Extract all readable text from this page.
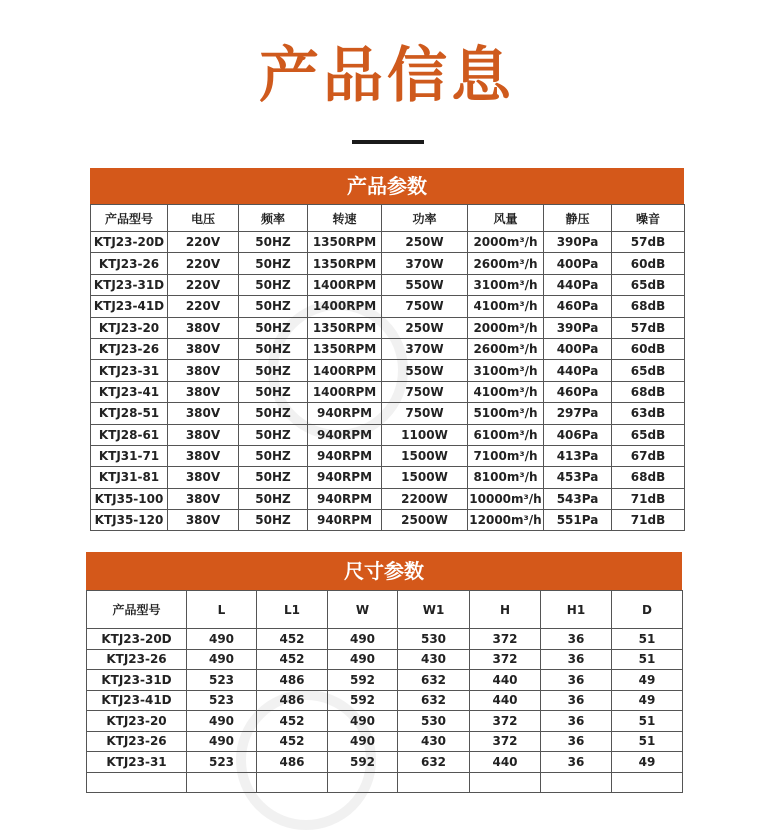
产品信息
产品参数
产品型号	电压	频率	转速	功率	风量	静压	噪音
KTJ23-20D	220V	50HZ	1350RPM	250W	2000m³/h	390Pa	57dB
KTJ23-26	220V	50HZ	1350RPM	370W	2600m³/h	400Pa	60dB
KTJ23-31D	220V	50HZ	1400RPM	550W	3100m³/h	440Pa	65dB
KTJ23-41D	220V	50HZ	1400RPM	750W	4100m³/h	460Pa	68dB
KTJ23-20	380V	50HZ	1350RPM	250W	2000m³/h	390Pa	57dB
KTJ23-26	380V	50HZ	1350RPM	370W	2600m³/h	400Pa	60dB
KTJ23-31	380V	50HZ	1400RPM	550W	3100m³/h	440Pa	65dB
KTJ23-41	380V	50HZ	1400RPM	750W	4100m³/h	460Pa	68dB
KTJ28-51	380V	50HZ	940RPM	750W	5100m³/h	297Pa	63dB
KTJ28-61	380V	50HZ	940RPM	1100W	6100m³/h	406Pa	65dB
KTJ31-71	380V	50HZ	940RPM	1500W	7100m³/h	413Pa	67dB
KTJ31-81	380V	50HZ	940RPM	1500W	8100m³/h	453Pa	68dB
KTJ35-100	380V	50HZ	940RPM	2200W	10000m³/h	543Pa	71dB
KTJ35-120	380V	50HZ	940RPM	2500W	12000m³/h	551Pa	71dB
尺寸参数
产品型号	L	L1	W	W1	H	H1	D
KTJ23-20D	490	452	490	530	372	36	51
KTJ23-26	490	452	490	430	372	36	51
KTJ23-31D	523	486	592	632	440	36	49
KTJ23-41D	523	486	592	632	440	36	49
KTJ23-20	490	452	490	530	372	36	51
KTJ23-26	490	452	490	430	372	36	51
KTJ23-31	523	486	592	632	440	36	49
